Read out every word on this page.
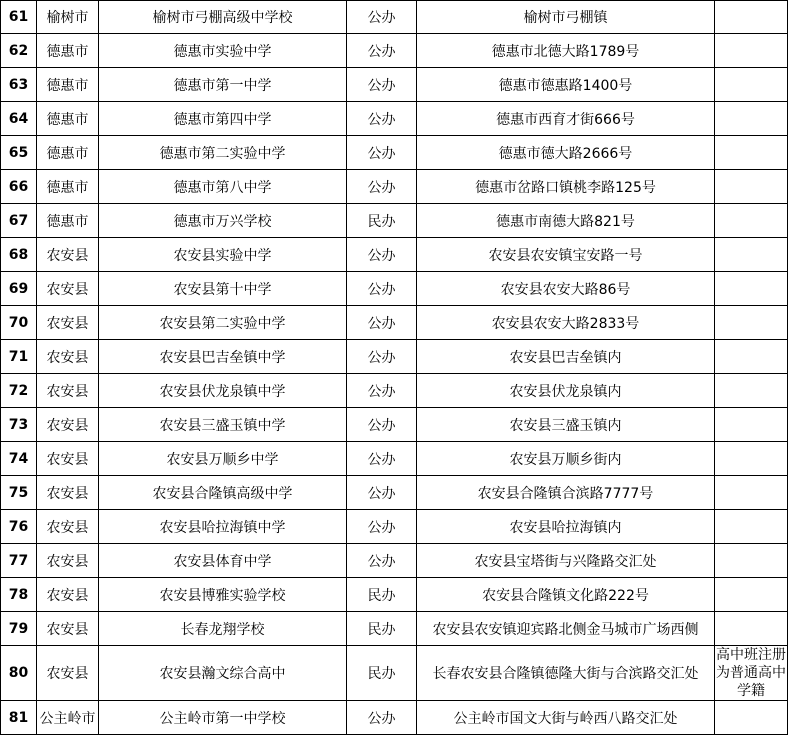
61	榆树市	榆树市弓棚高级中学校	公办	榆树市弓棚镇	
62	德惠市	德惠市实验中学	公办	德惠市北德大路1789号	
63	德惠市	德惠市第一中学	公办	德惠市德惠路1400号	
64	德惠市	德惠市第四中学	公办	德惠市西育才街666号	
65	德惠市	德惠市第二实验中学	公办	德惠市德大路2666号	
66	德惠市	德惠市第八中学	公办	德惠市岔路口镇桃李路125号	
67	德惠市	德惠市万兴学校	民办	德惠市南德大路821号	
68	农安县	农安县实验中学	公办	农安县农安镇宝安路一号	
69	农安县	农安县第十中学	公办	农安县农安大路86号	
70	农安县	农安县第二实验中学	公办	农安县农安大路2833号	
71	农安县	农安县巴吉垒镇中学	公办	农安县巴吉垒镇内	
72	农安县	农安县伏龙泉镇中学	公办	农安县伏龙泉镇内	
73	农安县	农安县三盛玉镇中学	公办	农安县三盛玉镇内	
74	农安县	农安县万顺乡中学	公办	农安县万顺乡街内	
75	农安县	农安县合隆镇高级中学	公办	农安县合隆镇合滨路7777号	
76	农安县	农安县哈拉海镇中学	公办	农安县哈拉海镇内	
77	农安县	农安县体育中学	公办	农安县宝塔街与兴隆路交汇处	
78	农安县	农安县博雅实验学校	民办	农安县合隆镇文化路222号	
79	农安县	长春龙翔学校	民办	农安县农安镇迎宾路北侧金马城市广场西侧	
80	农安县	农安县瀚文综合高中	民办	长春农安县合隆镇德隆大街与合滨路交汇处	高中班注册为普通高中学籍
81	公主岭市	公主岭市第一中学校	公办	公主岭市国文大街与岭西八路交汇处	
